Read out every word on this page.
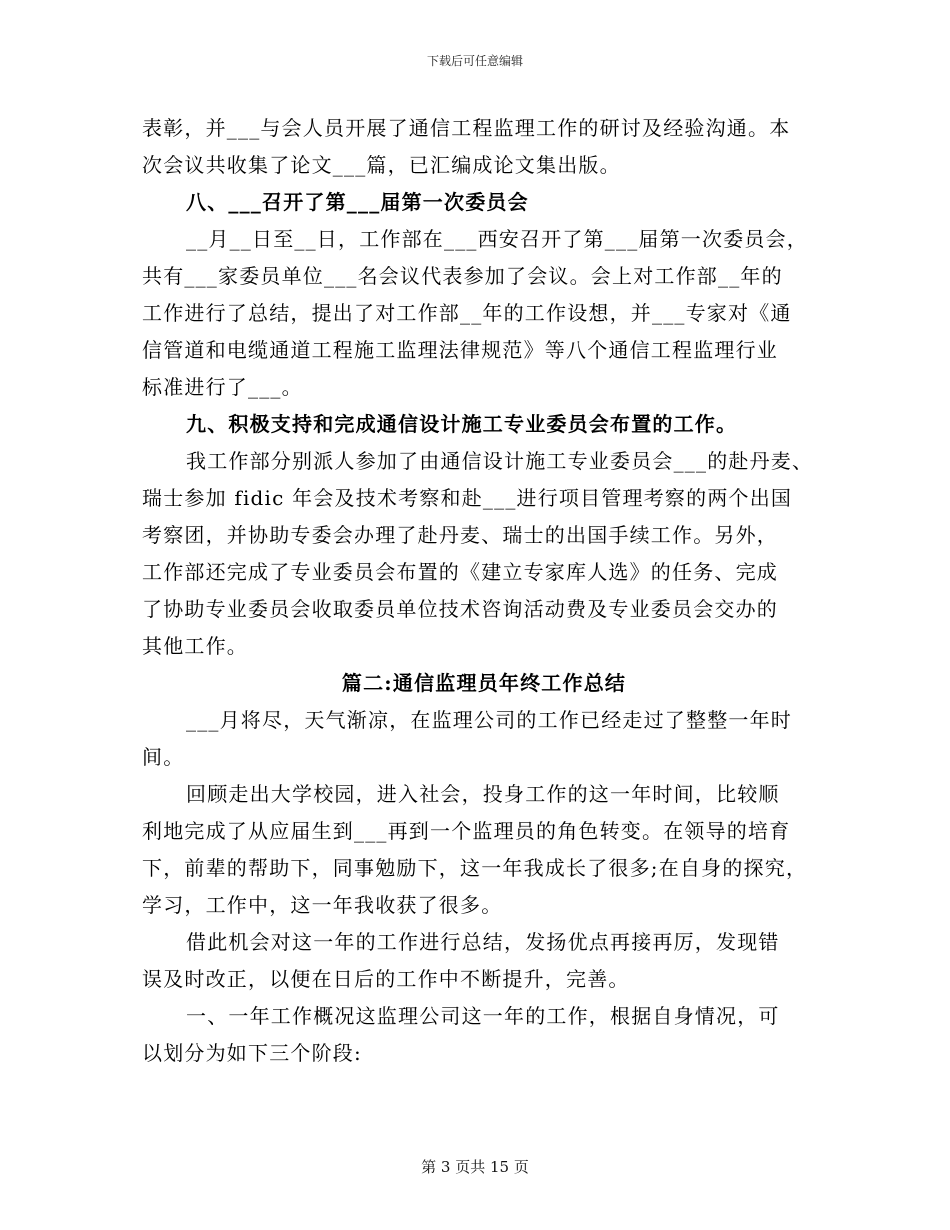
下载后可任意编辑
表彰，并___与会人员开展了通信工程监理工作的研讨及经验沟通。本
次会议共收集了论文___篇，已汇编成论文集出版。
八、___召开了第___届第一次委员会
__月__日至__日，工作部在___西安召开了第___届第一次委员会，
共有___家委员单位___名会议代表参加了会议。会上对工作部__年的
工作进行了总结，提出了对工作部__年的工作设想，并___专家对《通
信管道和电缆通道工程施工监理法律规范》等八个通信工程监理行业
标准进行了___。
九、积极支持和完成通信设计施工专业委员会布置的工作。
我工作部分别派人参加了由通信设计施工专业委员会___的赴丹麦、
瑞士参加 fidic 年会及技术考察和赴___进行项目管理考察的两个出国
考察团，并协助专委会办理了赴丹麦、瑞士的出国手续工作。另外，
工作部还完成了专业委员会布置的《建立专家库人选》的任务、完成
了协助专业委员会收取委员单位技术咨询活动费及专业委员会交办的
其他工作。
篇二:通信监理员年终工作总结
___月将尽，天气渐凉，在监理公司的工作已经走过了整整一年时
间。
回顾走出大学校园，进入社会，投身工作的这一年时间，比较顺
利地完成了从应届生到___再到一个监理员的角色转变。在领导的培育
下，前辈的帮助下，同事勉励下，这一年我成长了很多;在自身的探究，
学习，工作中，这一年我收获了很多。
借此机会对这一年的工作进行总结，发扬优点再接再厉，发现错
误及时改正，以便在日后的工作中不断提升，完善。
一、一年工作概况这监理公司这一年的工作，根据自身情况，可
以划分为如下三个阶段:
第 3 页共 15 页
